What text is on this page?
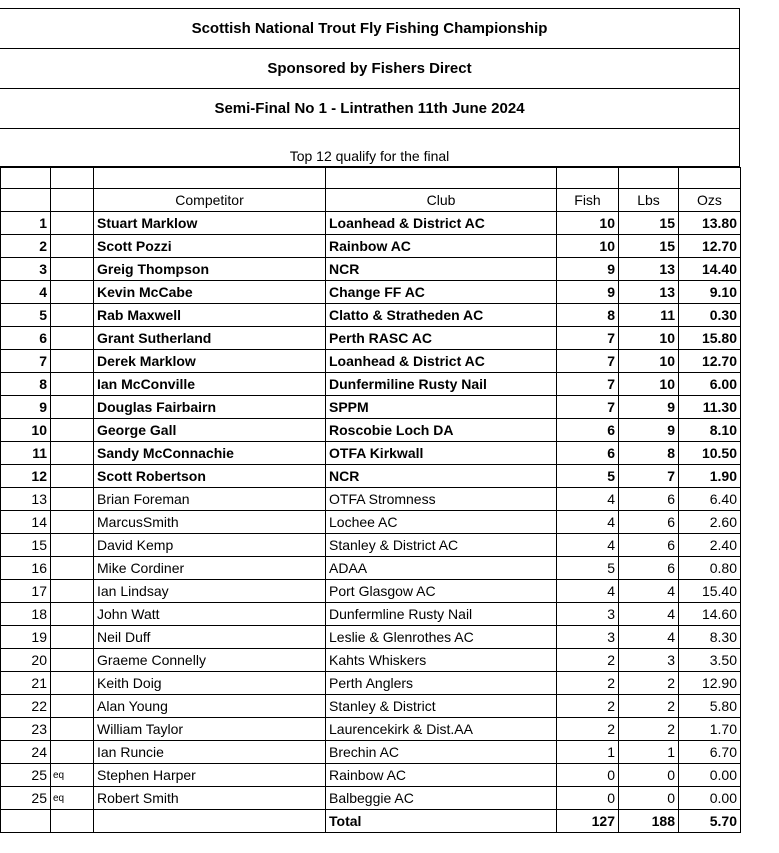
Scottish National Trout Fly Fishing Championship
Sponsored by Fishers Direct
Semi-Final No 1 - Lintrathen 11th June 2024
Top 12 qualify for the final

		Competitor	Club	Fish	Lbs	Ozs
1		Stuart Marklow	Loanhead & District AC	10	15	13.80
2		Scott Pozzi	Rainbow AC	10	15	12.70
3		Greig Thompson	NCR	9	13	14.40
4		Kevin McCabe	Change FF AC	9	13	9.10
5		Rab Maxwell	Clatto & Stratheden AC	8	11	0.30
6		Grant Sutherland	Perth RASC AC	7	10	15.80
7		Derek Marklow	Loanhead & District AC	7	10	12.70
8		Ian McConville	Dunfermiline Rusty Nail	7	10	6.00
9		Douglas Fairbairn	SPPM	7	9	11.30
10		George Gall	Roscobie Loch DA	6	9	8.10
11		Sandy McConnachie	OTFA Kirkwall	6	8	10.50
12		Scott Robertson	NCR	5	7	1.90
13		Brian Foreman	OTFA Stromness	4	6	6.40
14		MarcusSmith	Lochee AC	4	6	2.60
15		David Kemp	Stanley & District AC	4	6	2.40
16		Mike Cordiner	ADAA	5	6	0.80
17		Ian Lindsay	Port Glasgow AC	4	4	15.40
18		John Watt	Dunfermline Rusty Nail	3	4	14.60
19		Neil Duff	Leslie & Glenrothes AC	3	4	8.30
20		Graeme Connelly	Kahts Whiskers	2	3	3.50
21		Keith Doig	Perth Anglers	2	2	12.90
22		Alan Young	Stanley & District	2	2	5.80
23		William Taylor	Laurencekirk & Dist.AA	2	2	1.70
24		Ian Runcie	Brechin AC	1	1	6.70
25	eq	Stephen Harper	Rainbow AC	0	0	0.00
25	eq	Robert Smith	Balbeggie AC	0	0	0.00
			Total	127	188	5.70
